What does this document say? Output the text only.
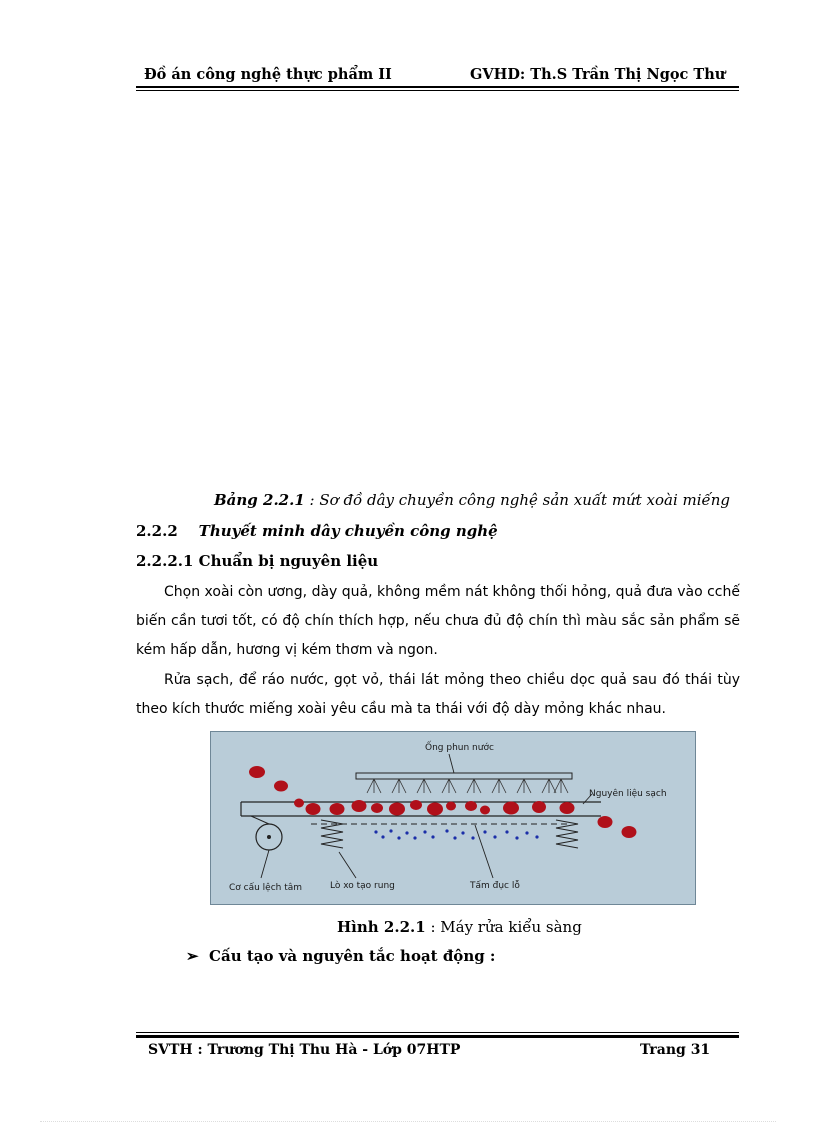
Đồ án công nghệ thực phẩm II	GVHD: Th.S Trần Thị Ngọc Thư
Bảng 2.2.1 : Sơ đồ dây chuyền công nghệ sản xuất mứt xoài miếng
2.2.2 Thuyết minh dây chuyền công nghệ
2.2.2.1 Chuẩn bị nguyên liệu

Chọn xoài còn ương, dày quả, không mềm nát không thối hỏng, quả đưa vào cchế biến cần tươi tốt, có độ chín thích hợp, nếu chưa đủ độ chín thì màu sắc sản phẩm sẽ kém hấp dẫn, hương vị kém thơm và ngon.

Rửa sạch, để ráo nước, gọt vỏ, thái lát mỏng theo chiều dọc quả sau đó thái tùy theo kích thước miếng xoài yêu cầu mà ta thái với độ dày mỏng khác nhau.

Ống phun nước
Nguyên liệu sạch
Cơ cấu lệch tâm	Lò xo tạo rung	Tấm đục lỗ
Hình 2.2.1 : Máy rửa kiểu sàng
➢ Cấu tạo và nguyên tắc hoạt động :
SVTH : Trương Thị Thu Hà - Lớp 07HTP	Trang 31
